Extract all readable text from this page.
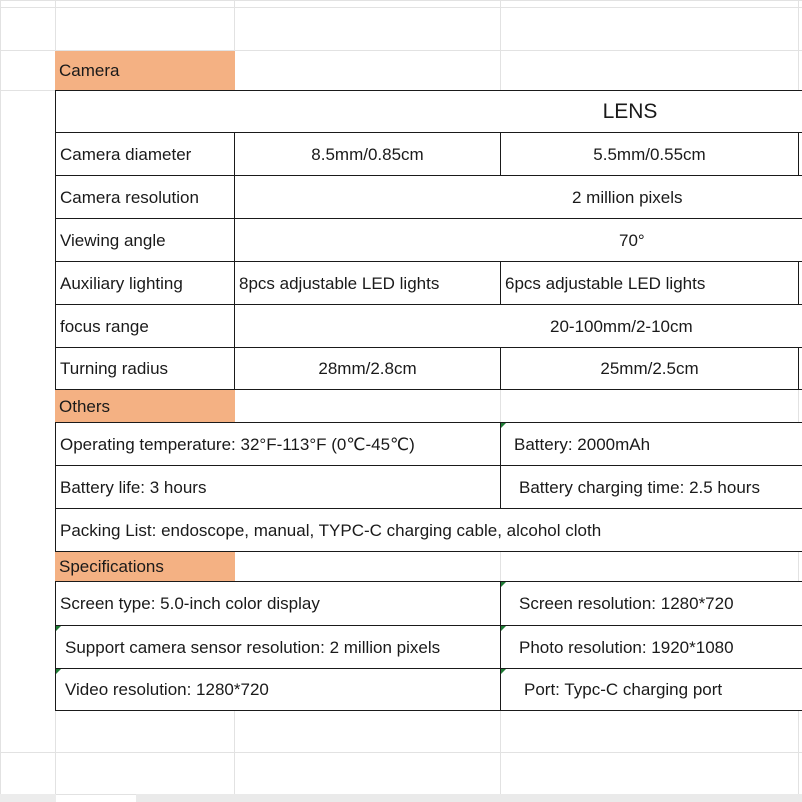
Camera
LENS
Camera diameter	8.5mm/0.85cm	5.5mm/0.55cm
Camera resolution	2 million pixels
Viewing angle	70°
Auxiliary lighting	8pcs adjustable LED lights	6pcs adjustable LED lights
focus range	20-100mm/2-10cm
Turning radius	28mm/2.8cm	25mm/2.5cm
Others
Operating temperature: 32°F-113°F (0℃-45℃)	Battery: 2000mAh
Battery life: 3 hours	Battery charging time: 2.5 hours
Packing List: endoscope, manual, TYPC-C charging cable, alcohol cloth
Specifications
Screen type: 5.0-inch color display	Screen resolution: 1280*720
Support camera sensor resolution: 2 million pixels	Photo resolution: 1920*1080
Video resolution: 1280*720	Port: Typc-C charging port
